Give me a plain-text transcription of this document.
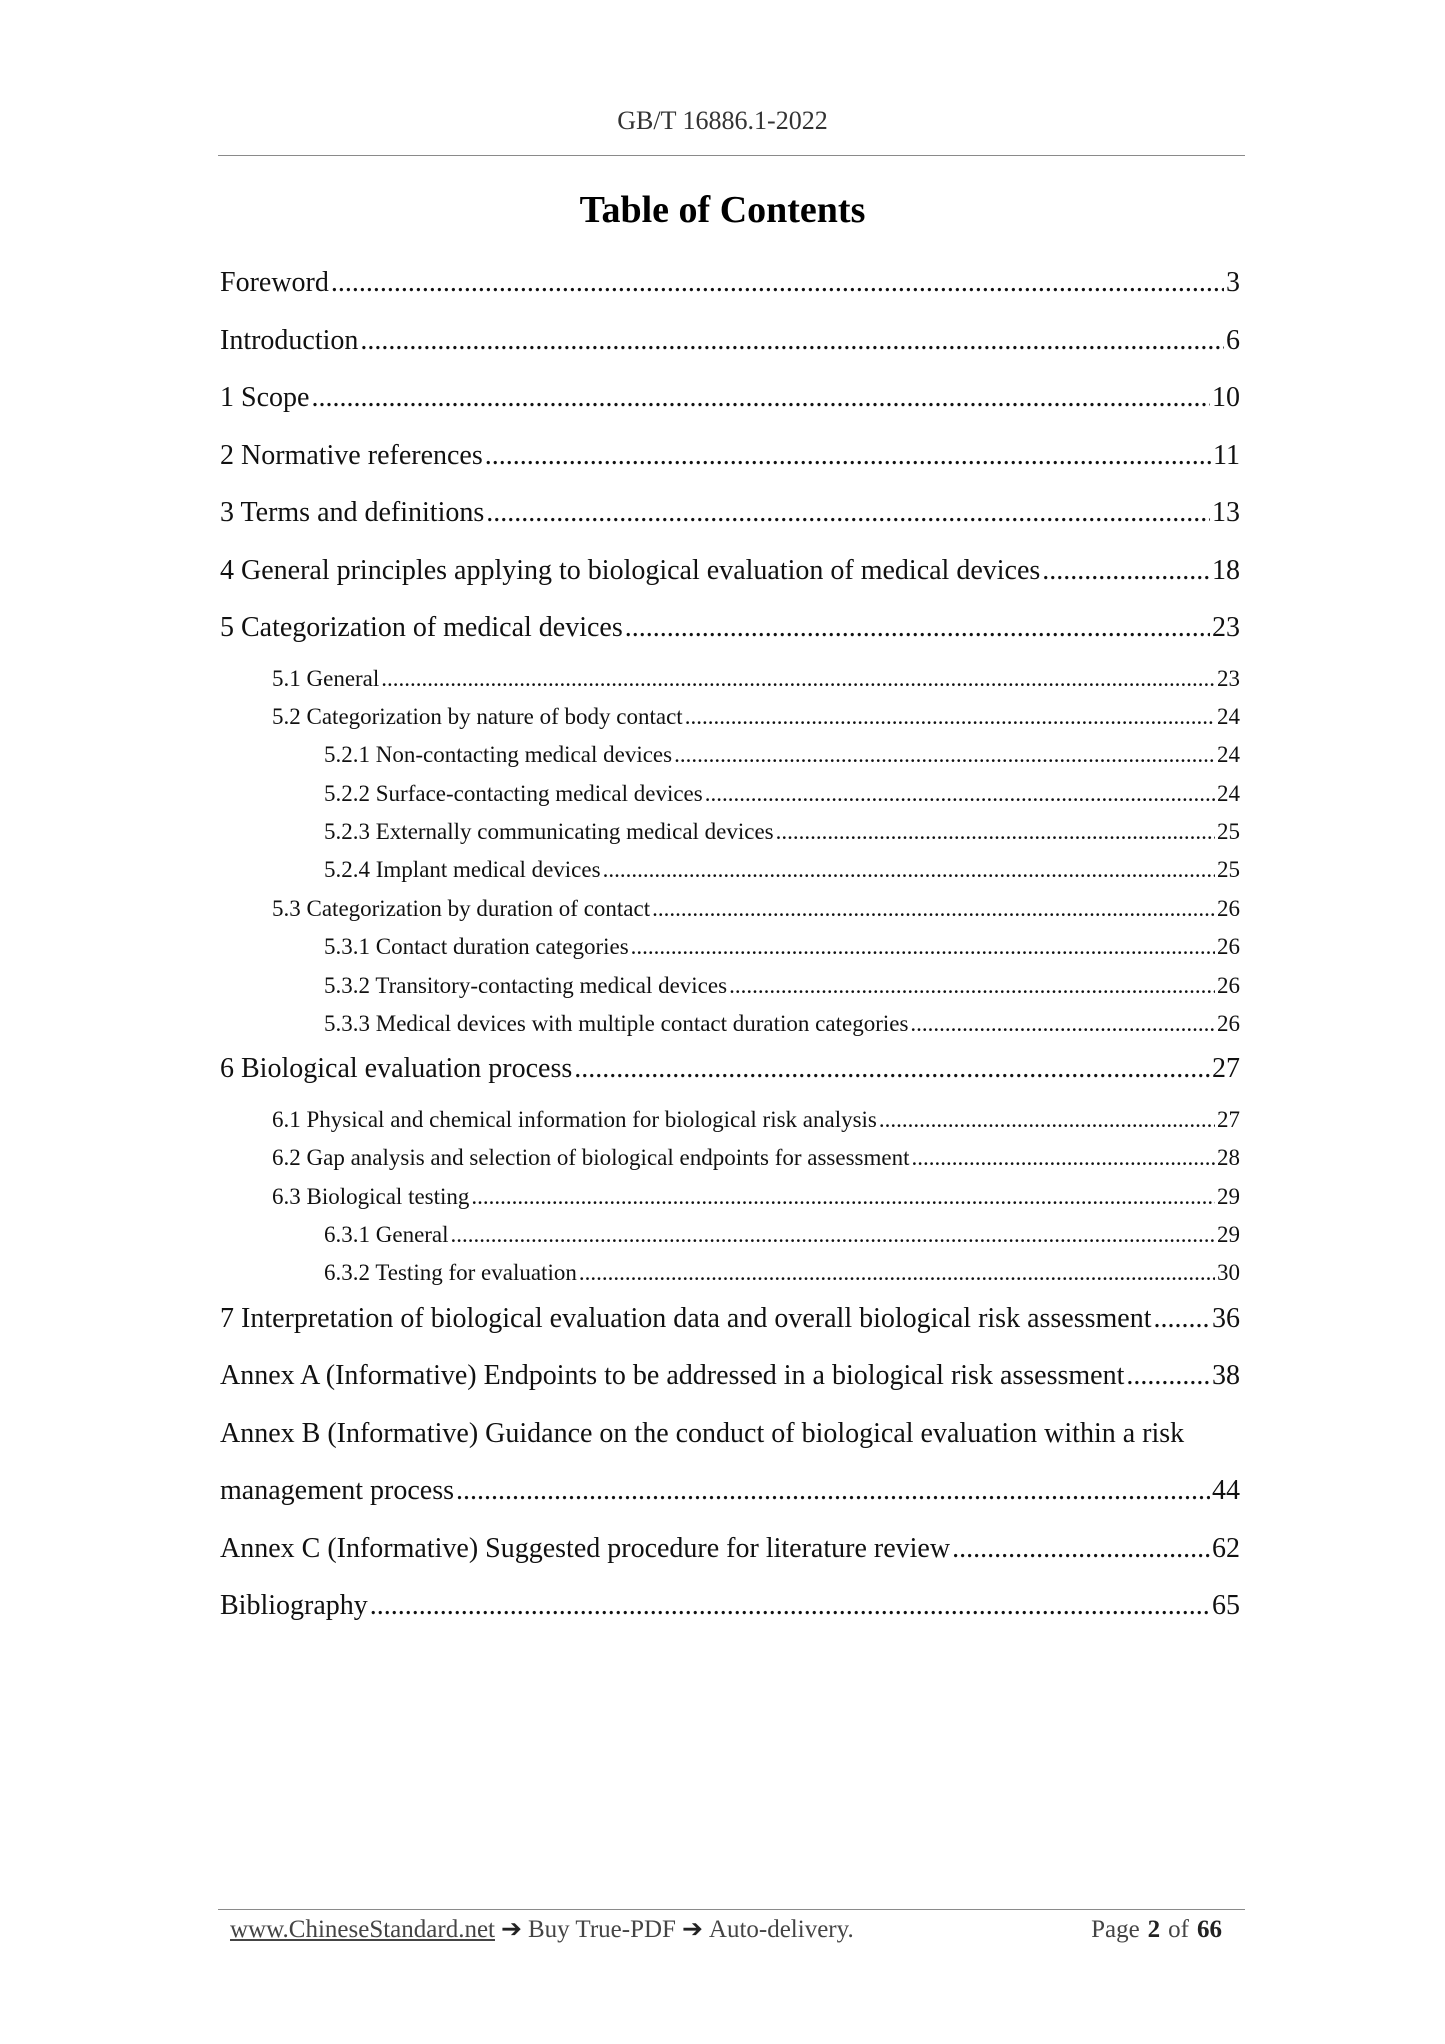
GB/T 16886.1-2022
Table of Contents
Foreword .....	3
Introduction .....	6
1 Scope .....	10
2 Normative references .....	11
3 Terms and definitions .....	13
4 General principles applying to biological evaluation of medical devices .....	18
5 Categorization of medical devices .....	23
5.1 General .....	23
5.2 Categorization by nature of body contact .....	24
5.2.1 Non-contacting medical devices .....	24
5.2.2 Surface-contacting medical devices .....	24
5.2.3 Externally communicating medical devices .....	25
5.2.4 Implant medical devices .....	25
5.3 Categorization by duration of contact .....	26
5.3.1 Contact duration categories .....	26
5.3.2 Transitory-contacting medical devices .....	26
5.3.3 Medical devices with multiple contact duration categories .....	26
6 Biological evaluation process .....	27
6.1 Physical and chemical information for biological risk analysis .....	27
6.2 Gap analysis and selection of biological endpoints for assessment .....	28
6.3 Biological testing .....	29
6.3.1 General .....	29
6.3.2 Testing for evaluation .....	30
7 Interpretation of biological evaluation data and overall biological risk assessment ..... 36
Annex A (Informative) Endpoints to be addressed in a biological risk assessment .....	38
Annex B (Informative) Guidance on the conduct of biological evaluation within a risk
management process .....	44
Annex C (Informative) Suggested procedure for literature review .....	62
Bibliography .....	65
www.ChineseStandard.net ➔ Buy True-PDF ➔ Auto-delivery.	Page 2 of 66
